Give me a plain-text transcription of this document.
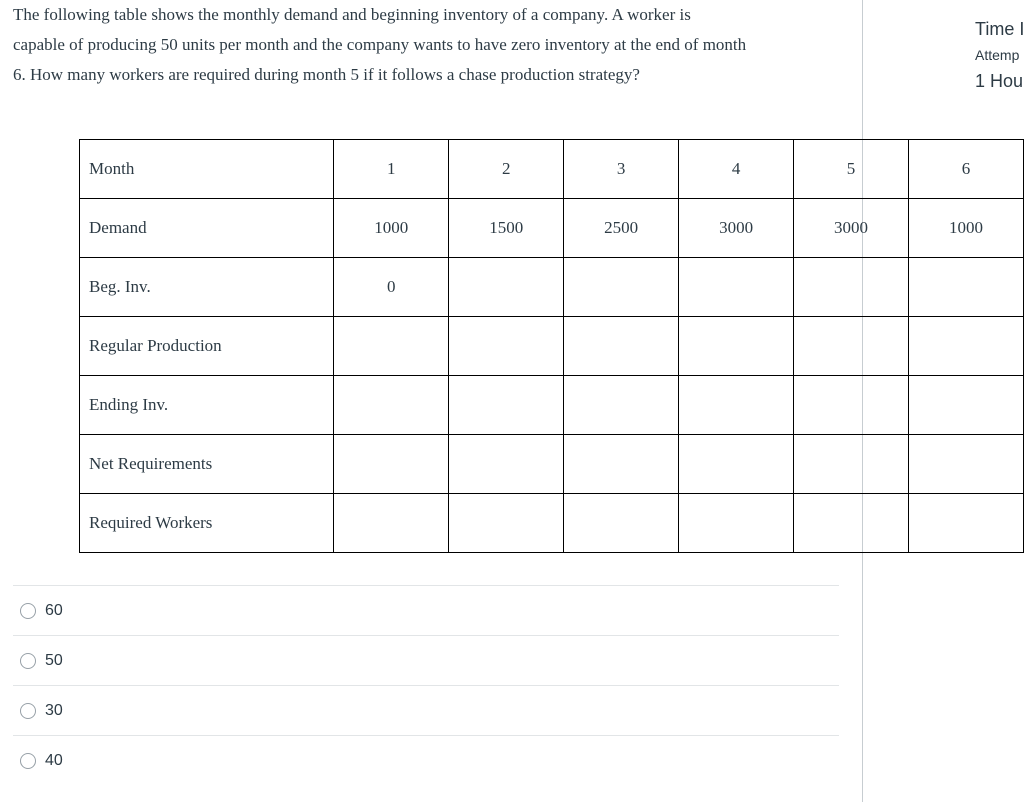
The following table shows the monthly demand and beginning inventory of a company. A worker is
capable of producing 50 units per month and the company wants to have zero inventory at the end of month
6. How many workers are required during month 5 if it follows a chase production strategy?
Time I
Attemp
1 Hou
Month	1	2	3	4	5	6
Demand	1000	1500	2500	3000	3000	1000
Beg. Inv.	0					
Regular Production						
Ending Inv.						
Net Requirements						
Required Workers						
60
50
30
40
